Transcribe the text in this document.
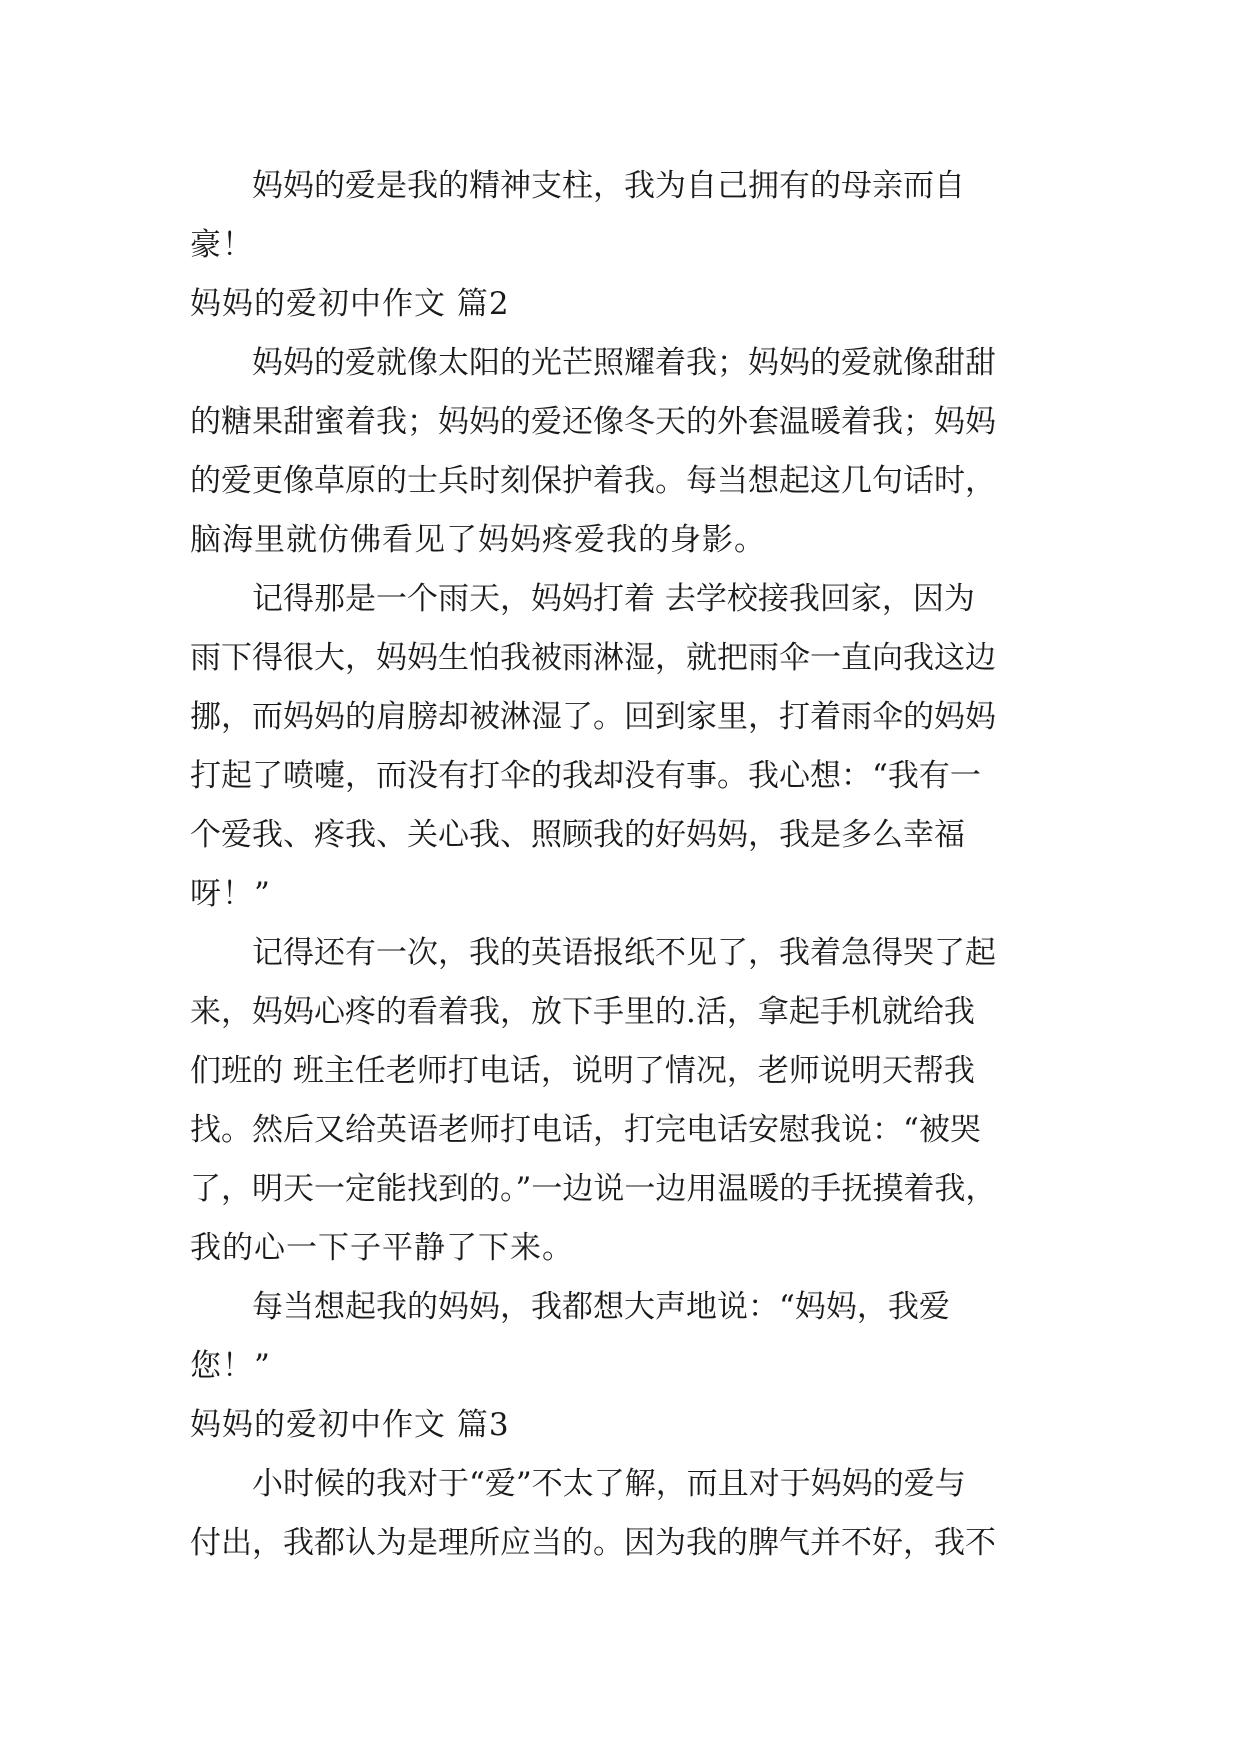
妈妈的爱是我的精神支柱，我为自己拥有的母亲而自
豪！
妈妈的爱初中作文 篇2
妈妈的爱就像太阳的光芒照耀着我；妈妈的爱就像甜甜
的糖果甜蜜着我；妈妈的爱还像冬天的外套温暖着我；妈妈
的爱更像草原的士兵时刻保护着我。每当想起这几句话时，
脑海里就仿佛看见了妈妈疼爱我的身影。
记得那是一个雨天，妈妈打着 去学校接我回家，因为
雨下得很大，妈妈生怕我被雨淋湿，就把雨伞一直向我这边
挪，而妈妈的肩膀却被淋湿了。回到家里，打着雨伞的妈妈
打起了喷嚏，而没有打伞的我却没有事。我心想：“我有一
个爱我、疼我、关心我、照顾我的好妈妈，我是多么幸福
呀！”
记得还有一次，我的英语报纸不见了，我着急得哭了起
来，妈妈心疼的看着我，放下手里的.活，拿起手机就给我
们班的 班主任老师打电话，说明了情况，老师说明天帮我
找。然后又给英语老师打电话，打完电话安慰我说：“被哭
了，明天一定能找到的。”一边说一边用温暖的手抚摸着我，
我的心一下子平静了下来。
每当想起我的妈妈，我都想大声地说：“妈妈，我爱
您！”
妈妈的爱初中作文 篇3
小时候的我对于“爱”不太了解，而且对于妈妈的爱与
付出，我都认为是理所应当的。因为我的脾气并不好，我不
